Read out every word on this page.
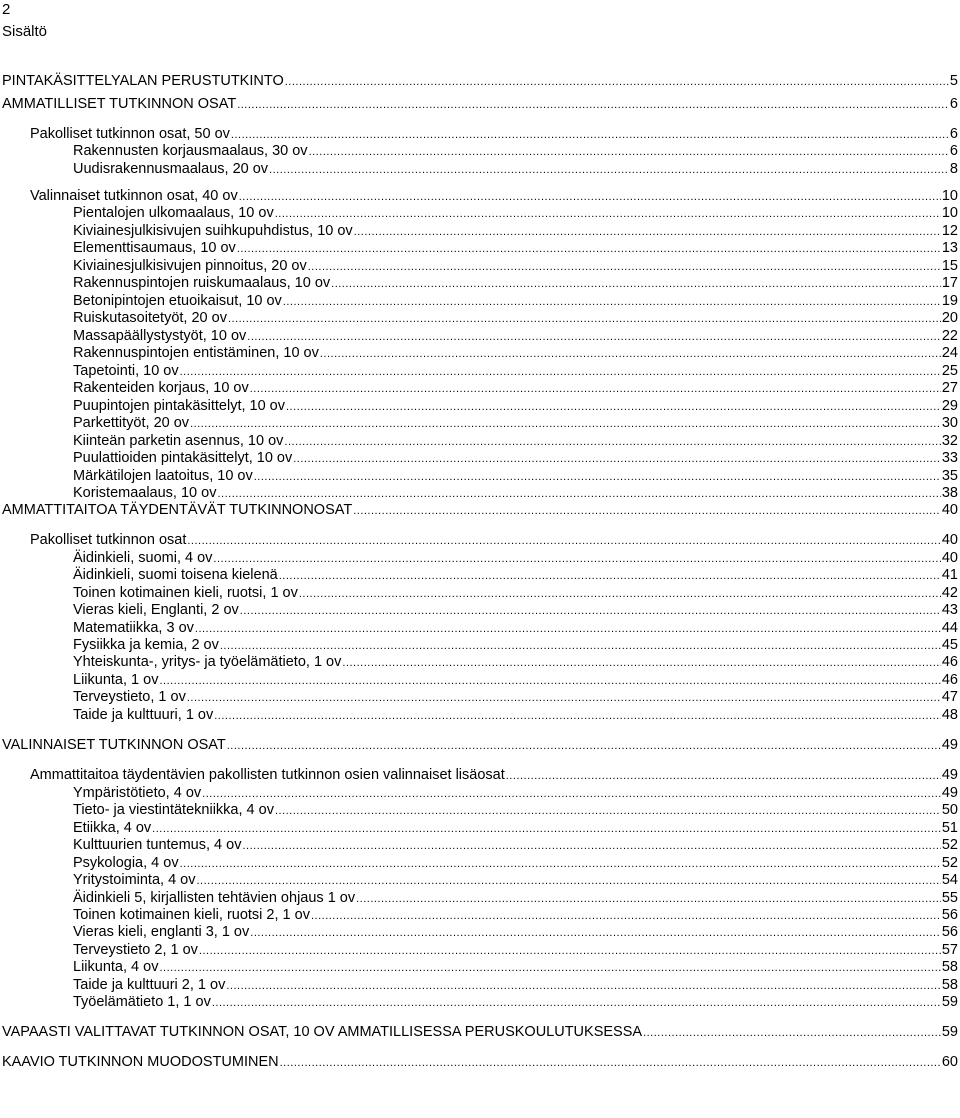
2
Sisältö
PINTAKÄSITTELYALAN PERUSTUTKINTO .....	5
AMMATILLISET TUTKINNON OSAT .....	6
Pakolliset tutkinnon osat, 50 ov .....	6
Rakennusten korjausmaalaus, 30 ov .....	6
Uudisrakennusmaalaus, 20 ov .....	8
Valinnaiset tutkinnon osat, 40 ov .....	10
Pientalojen ulkomaalaus, 10 ov .....	10
Kiviainesjulkisivujen suihkupuhdistus, 10 ov .....	12
Elementtisaumaus, 10 ov .....	13
Kiviainesjulkisivujen pinnoitus, 20 ov .....	15
Rakennuspintojen ruiskumaalaus, 10 ov .....	17
Betonipintojen etuoikaisut, 10 ov .....	19
Ruiskutasoitetyöt, 20 ov .....	20
Massapäällystystyöt, 10 ov .....	22
Rakennuspintojen entistäminen, 10 ov .....	24
Tapetointi, 10 ov .....	25
Rakenteiden korjaus, 10 ov .....	27
Puupintojen pintakäsittelyt, 10 ov .....	29
Parkettityöt, 20 ov .....	30
Kiinteän parketin asennus, 10 ov .....	32
Puulattioiden pintakäsittelyt, 10 ov .....	33
Märkätilojen laatoitus, 10 ov .....	35
Koristemaalaus, 10 ov .....	38
AMMATTITAITOA TÄYDENTÄVÄT TUTKINNONOSAT .....	40
Pakolliset tutkinnon osat .....	40
Äidinkieli, suomi, 4 ov .....	40
Äidinkieli, suomi toisena kielenä .....	41
Toinen kotimainen kieli, ruotsi, 1 ov .....	42
Vieras kieli, Englanti, 2 ov .....	43
Matematiikka, 3 ov .....	44
Fysiikka ja kemia, 2 ov .....	45
Yhteiskunta-, yritys- ja työelämätieto, 1 ov .....	46
Liikunta, 1 ov .....	46
Terveystieto, 1 ov .....	47
Taide ja kulttuuri, 1 ov .....	48
VALINNAISET TUTKINNON OSAT .....	49
Ammattitaitoa täydentävien pakollisten tutkinnon osien valinnaiset lisäosat .....	49
Ympäristötieto, 4 ov .....	49
Tieto- ja viestintätekniikka, 4 ov .....	50
Etiikka, 4 ov .....	51
Kulttuurien tuntemus, 4 ov .....	52
Psykologia, 4 ov .....	52
Yritystoiminta, 4 ov .....	54
Äidinkieli 5, kirjallisten tehtävien ohjaus 1 ov .....	55
Toinen kotimainen kieli, ruotsi 2, 1 ov .....	56
Vieras kieli, englanti 3, 1 ov .....	56
Terveystieto 2, 1 ov .....	57
Liikunta, 4 ov .....	58
Taide ja kulttuuri 2, 1 ov .....	58
Työelämätieto 1, 1 ov .....	59
VAPAASTI VALITTAVAT TUTKINNON OSAT, 10 OV AMMATILLISESSA PERUSKOULUTUKSESSA .....	59
KAAVIO TUTKINNON MUODOSTUMINEN .....	60
